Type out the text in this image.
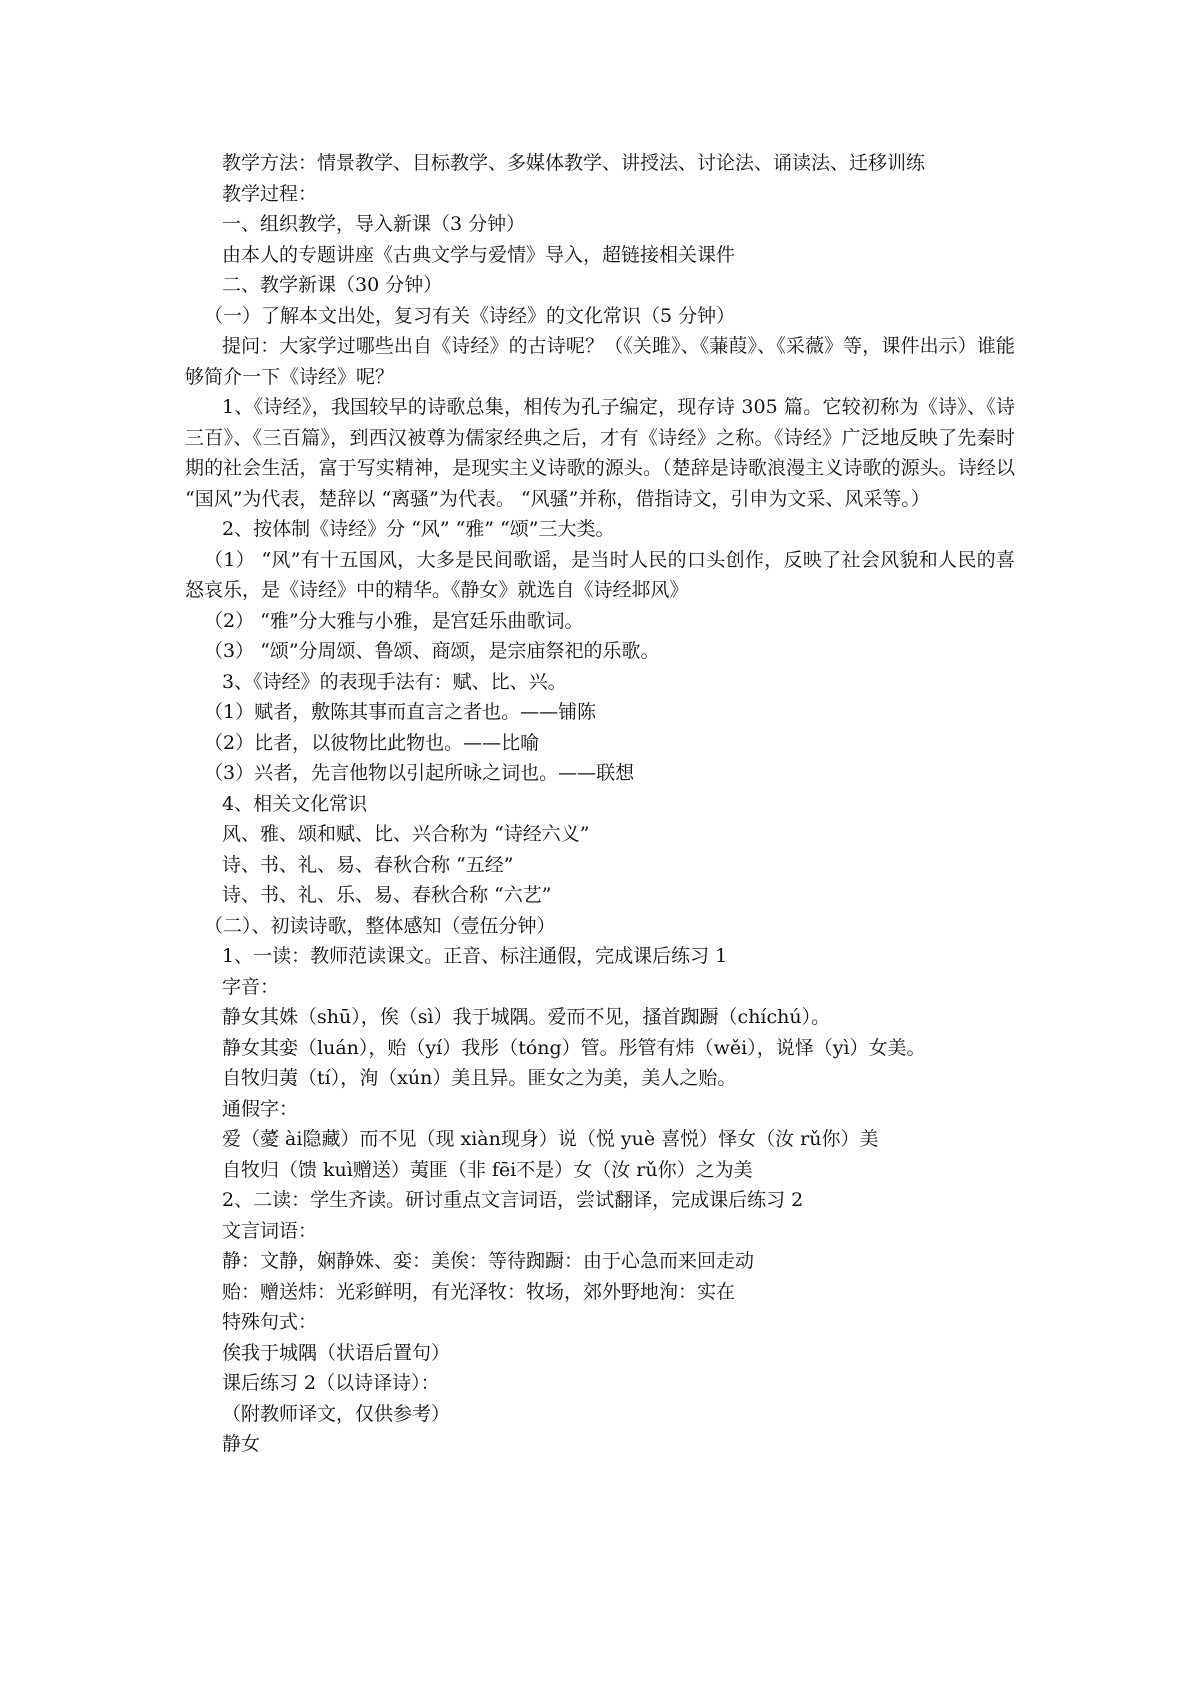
教学方法：情景教学、目标教学、多媒体教学、讲授法、讨论法、诵读法、迁移训练
教学过程：
一、组织教学，导入新课（3 分钟）
由本人的专题讲座《古典文学与爱情》导入，超链接相关课件
二、教学新课（30 分钟）
（一）了解本文出处，复习有关《诗经》的文化常识（5 分钟）

提问：大家学过哪些出自《诗经》的古诗呢？（《关雎》、《蒹葭》、《采薇》等，课件出示）谁能够简介一下《诗经》呢？

1、《诗经》，我国较早的诗歌总集，相传为孔子编定，现存诗 305 篇。它较初称为《诗》、《诗三百》、《三百篇》，到西汉被尊为儒家经典之后，才有《诗经》之称。《诗经》广泛地反映了先秦时期的社会生活，富于写实精神，是现实主义诗歌的源头。（楚辞是诗歌浪漫主义诗歌的源头。诗经以 “国风”为代表，楚辞以 “离骚”为代表。 “风骚”并称，借指诗文，引申为文采、风采等。）

2、按体制《诗经》分 “风” “雅” “颂”三大类。

（1） “风”有十五国风，大多是民间歌谣，是当时人民的口头创作，反映了社会风貌和人民的喜怒哀乐，是《诗经》中的精华。《静女》就选自《诗经邶风》

（2） “雅”分大雅与小雅，是宫廷乐曲歌词。
（3） “颂”分周颂、鲁颂、商颂，是宗庙祭祀的乐歌。
3、《诗经》的表现手法有：赋、比、兴。
（1）赋者，敷陈其事而直言之者也。——铺陈
（2）比者，以彼物比此物也。——比喻
（3）兴者，先言他物以引起所咏之词也。——联想
4、相关文化常识
风、雅、颂和赋、比、兴合称为 “诗经六义”
诗、书、礼、易、春秋合称 “五经”
诗、书、礼、乐、易、春秋合称 “六艺”
（二）、初读诗歌，整体感知（壹伍分钟）
1、一读：教师范读课文。正音、标注通假，完成课后练习 1
字音：
静女其姝（shū），俟（sì）我于城隅。爱而不见，搔首踟蹰（chíchú）。
静女其娈（luán），贻（yí）我彤（tóng）管。彤管有炜（wěi），说怿（yì）女美。
自牧归荑（tí），洵（xún）美且异。匪女之为美，美人之贻。
通假字：
爱（薆 ài隐藏）而不见（现 xiàn现身）说（悦 yuè 喜悦）怿女（汝 rǔ你）美
自牧归（馈 kuì赠送）荑匪（非 fēi不是）女（汝 rǔ你）之为美
2、二读：学生齐读。研讨重点文言词语，尝试翻译，完成课后练习 2
文言词语：
静：文静，娴静姝、娈：美俟：等待踟蹰：由于心急而来回走动
贻：赠送炜：光彩鲜明，有光泽牧：牧场，郊外野地洵：实在
特殊句式：
俟我于城隅（状语后置句）
课后练习 2（以诗译诗）：
（附教师译文，仅供参考）
静女
